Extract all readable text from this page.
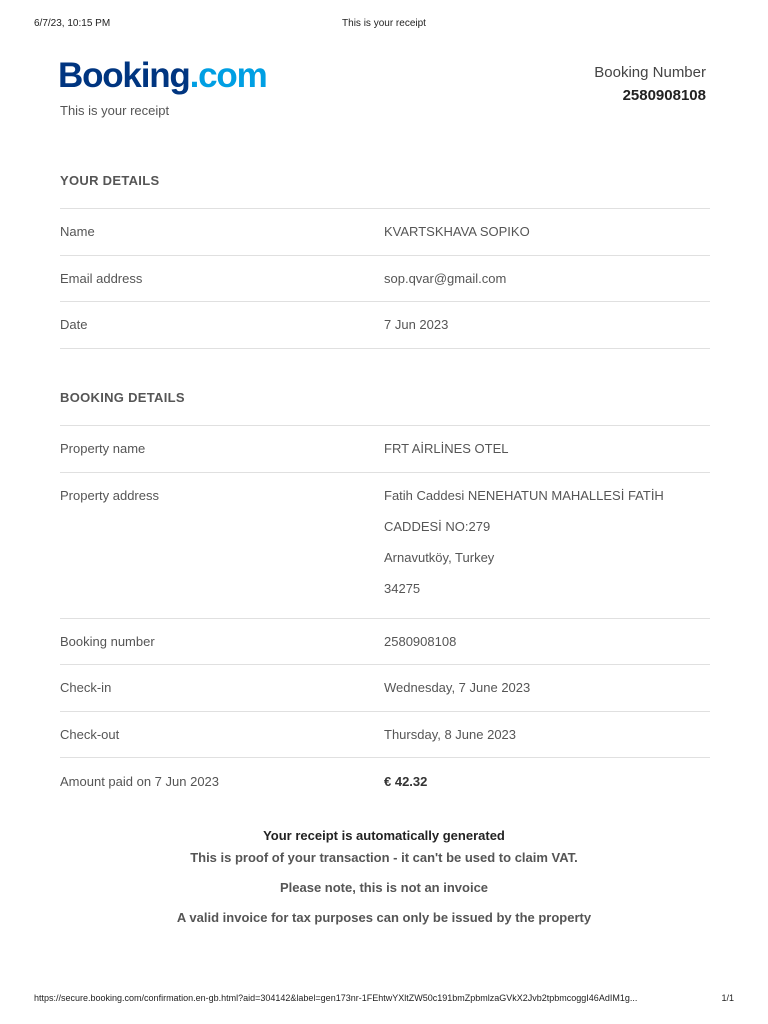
6/7/23, 10:15 PM	This is your receipt
Booking.com
This is your receipt
Booking Number
2580908108
YOUR DETAILS
Name	KVARTSKHAVA SOPIKO
Email address	sop.qvar@gmail.com
Date	7 Jun 2023
BOOKING DETAILS
Property name	FRT AİRLİNES OTEL
Property address	Fatih Caddesi NENEHATUN MAHALLESİ FATİH
CADDESİ NO:279
Arnavutköy, Turkey
34275
Booking number	2580908108
Check-in	Wednesday, 7 June 2023
Check-out	Thursday, 8 June 2023
Amount paid on 7 Jun 2023	€ 42.32
Your receipt is automatically generated
This is proof of your transaction - it can't be used to claim VAT.
Please note, this is not an invoice
A valid invoice for tax purposes can only be issued by the property
https://secure.booking.com/confirmation.en-gb.html?aid=304142&label=gen173nr-1FEhtwYXltZW50c191bmZpbmlzaGVkX2Jvb2tpbmcoggI46AdIM1g...	1/1
